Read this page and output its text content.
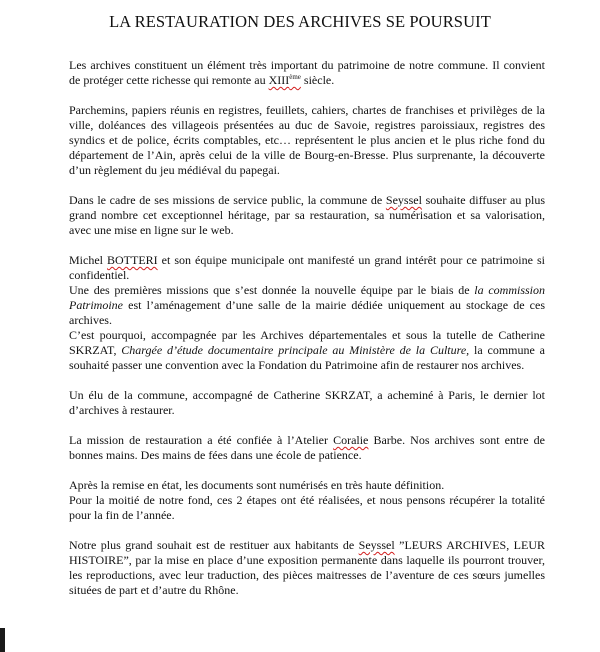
LA RESTAURATION DES ARCHIVES SE POURSUIT

Les archives constituent un élément très important du patrimoine de notre commune. Il convient de protéger cette richesse qui remonte au XIIIème siècle.

Parchemins, papiers réunis en registres, feuillets, cahiers, chartes de franchises et privilèges de la ville, doléances des villageois présentées au duc de Savoie, registres paroissiaux, registres des syndics et de police, écrits comptables, etc… représentent le plus ancien et le plus riche fond du département de l’Ain, après celui de la ville de Bourg-en-Bresse. Plus surprenante, la découverte d’un règlement du jeu médiéval du papegai.

Dans le cadre de ses missions de service public, la commune de Seyssel souhaite diffuser au plus grand nombre cet exceptionnel héritage, par sa restauration, sa numérisation et sa valorisation, avec une mise en ligne sur le web.

Michel BOTTERI et son équipe municipale ont manifesté un grand intérêt pour ce patrimoine si confidentiel.

Une des premières missions que s’est donnée la nouvelle équipe par le biais de la commission Patrimoine est l’aménagement d’une salle de la mairie dédiée uniquement au stockage de ces archives.

C’est pourquoi, accompagnée par les Archives départementales et sous la tutelle de Catherine SKRZAT, Chargée d’étude documentaire principale au Ministère de la Culture, la commune a souhaité passer une convention avec la Fondation du Patrimoine afin de restaurer nos archives.

Un élu de la commune, accompagné de Catherine SKRZAT, a acheminé à Paris, le dernier lot d’archives à restaurer.

La mission de restauration a été confiée à l’Atelier Coralie Barbe. Nos archives sont entre de bonnes mains. Des mains de fées dans une école de patience.

Après la remise en état, les documents sont numérisés en très haute définition.

Pour la moitié de notre fond, ces 2 étapes ont été réalisées, et nous pensons récupérer la totalité pour la fin de l’année.

Notre plus grand souhait est de restituer aux habitants de Seyssel ”LEURS ARCHIVES, LEUR HISTOIRE”, par la mise en place d’une exposition permanente dans laquelle ils pourront trouver, les reproductions, avec leur traduction, des pièces maitresses de l’aventure de ces sœurs jumelles situées de part et d’autre du Rhône.
